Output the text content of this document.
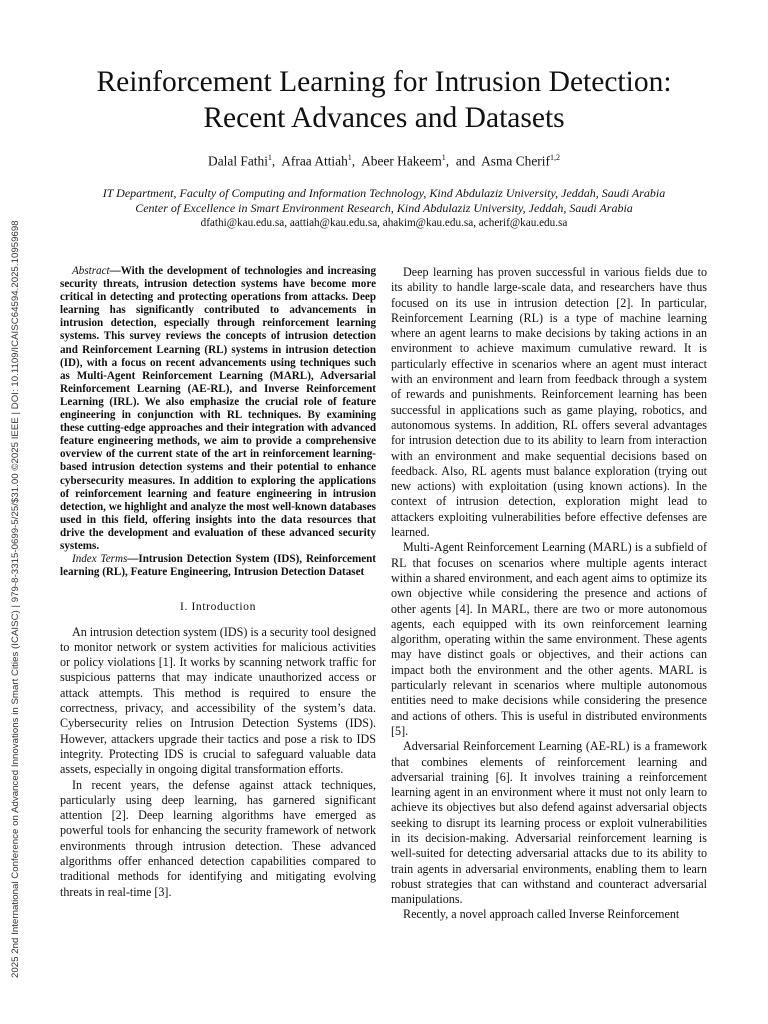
2025 2nd International Conference on Advanced Innovations in Smart Cities (ICAISC) | 979-8-3315-0699-5/25/$31.00 ©2025 IEEE | DOI: 10.1109/ICAISC64594.2025.10959698
Reinforcement Learning for Intrusion Detection:
Recent Advances and Datasets
Dalal Fathi$^1$,  Afraa Attiah$^1$,  Abeer Hakeem$^1$,  and  Asma Cherif$^{1,2}$
IT Department, Faculty of Computing and Information Technology, Kind Abdulaziz University, Jeddah, Saudi Arabia
Center of Excellence in Smart Environment Research, Kind Abdulaziz University, Jeddah, Saudi Arabia
dfathi@kau.edu.sa, aattiah@kau.edu.sa, ahakim@kau.edu.sa, acherif@kau.edu.sa

Abstract—With the development of technologies and increasing security threats, intrusion detection systems have become more critical in detecting and protecting operations from attacks. Deep learning has significantly contributed to advancements in intrusion detection, especially through reinforcement learning systems. This survey reviews the concepts of intrusion detection and Reinforcement Learning (RL) systems in intrusion detection (ID), with a focus on recent advancements using techniques such as Multi-Agent Reinforcement Learning (MARL), Adversarial Reinforcement Learning (AE-RL), and Inverse Reinforcement Learning (IRL). We also emphasize the crucial role of feature engineering in conjunction with RL techniques. By examining these cutting-edge approaches and their integration with advanced feature engineering methods, we aim to provide a comprehensive overview of the current state of the art in reinforcement learning-based intrusion detection systems and their potential to enhance cybersecurity measures. In addition to exploring the applications of reinforcement learning and feature engineering in intrusion detection, we highlight and analyze the most well-known databases used in this field, offering insights into the data resources that drive the development and evaluation of these advanced security systems.

Index Terms—Intrusion Detection System (IDS), Reinforcement learning (RL), Feature Engineering, Intrusion Detection Dataset

I. Introduction

An intrusion detection system (IDS) is a security tool designed to monitor network or system activities for malicious activities or policy violations [1]. It works by scanning network traffic for suspicious patterns that may indicate unauthorized access or attack attempts. This method is required to ensure the correctness, privacy, and accessibility of the system’s data. Cybersecurity relies on Intrusion Detection Systems (IDS). However, attackers upgrade their tactics and pose a risk to IDS integrity. Protecting IDS is crucial to safeguard valuable data assets, especially in ongoing digital transformation efforts.

In recent years, the defense against attack techniques, particularly using deep learning, has garnered significant attention [2]. Deep learning algorithms have emerged as powerful tools for enhancing the security framework of network environments through intrusion detection. These advanced algorithms offer enhanced detection capabilities compared to traditional methods for identifying and mitigating evolving threats in real-time [3].

Deep learning has proven successful in various fields due to its ability to handle large-scale data, and researchers have thus focused on its use in intrusion detection [2]. In particular, Reinforcement Learning (RL) is a type of machine learning where an agent learns to make decisions by taking actions in an environment to achieve maximum cumulative reward. It is particularly effective in scenarios where an agent must interact with an environment and learn from feedback through a system of rewards and punishments. Reinforcement learning has been successful in applications such as game playing, robotics, and autonomous systems. In addition, RL offers several advantages for intrusion detection due to its ability to learn from interaction with an environment and make sequential decisions based on feedback. Also, RL agents must balance exploration (trying out new actions) with exploitation (using known actions). In the context of intrusion detection, exploration might lead to attackers exploiting vulnerabilities before effective defenses are learned.

Multi-Agent Reinforcement Learning (MARL) is a subfield of RL that focuses on scenarios where multiple agents interact within a shared environment, and each agent aims to optimize its own objective while considering the presence and actions of other agents [4]. In MARL, there are two or more autonomous agents, each equipped with its own reinforcement learning algorithm, operating within the same environment. These agents may have distinct goals or objectives, and their actions can impact both the environment and the other agents. MARL is particularly relevant in scenarios where multiple autonomous entities need to make decisions while considering the presence and actions of others. This is useful in distributed environments [5].

Adversarial Reinforcement Learning (AE-RL) is a framework that combines elements of reinforcement learning and adversarial training [6]. It involves training a reinforcement learning agent in an environment where it must not only learn to achieve its objectives but also defend against adversarial objects seeking to disrupt its learning process or exploit vulnerabilities in its decision-making. Adversarial reinforcement learning is well-suited for detecting adversarial attacks due to its ability to train agents in adversarial environments, enabling them to learn robust strategies that can withstand and counteract adversarial manipulations.

Recently, a novel approach called Inverse Reinforcement
